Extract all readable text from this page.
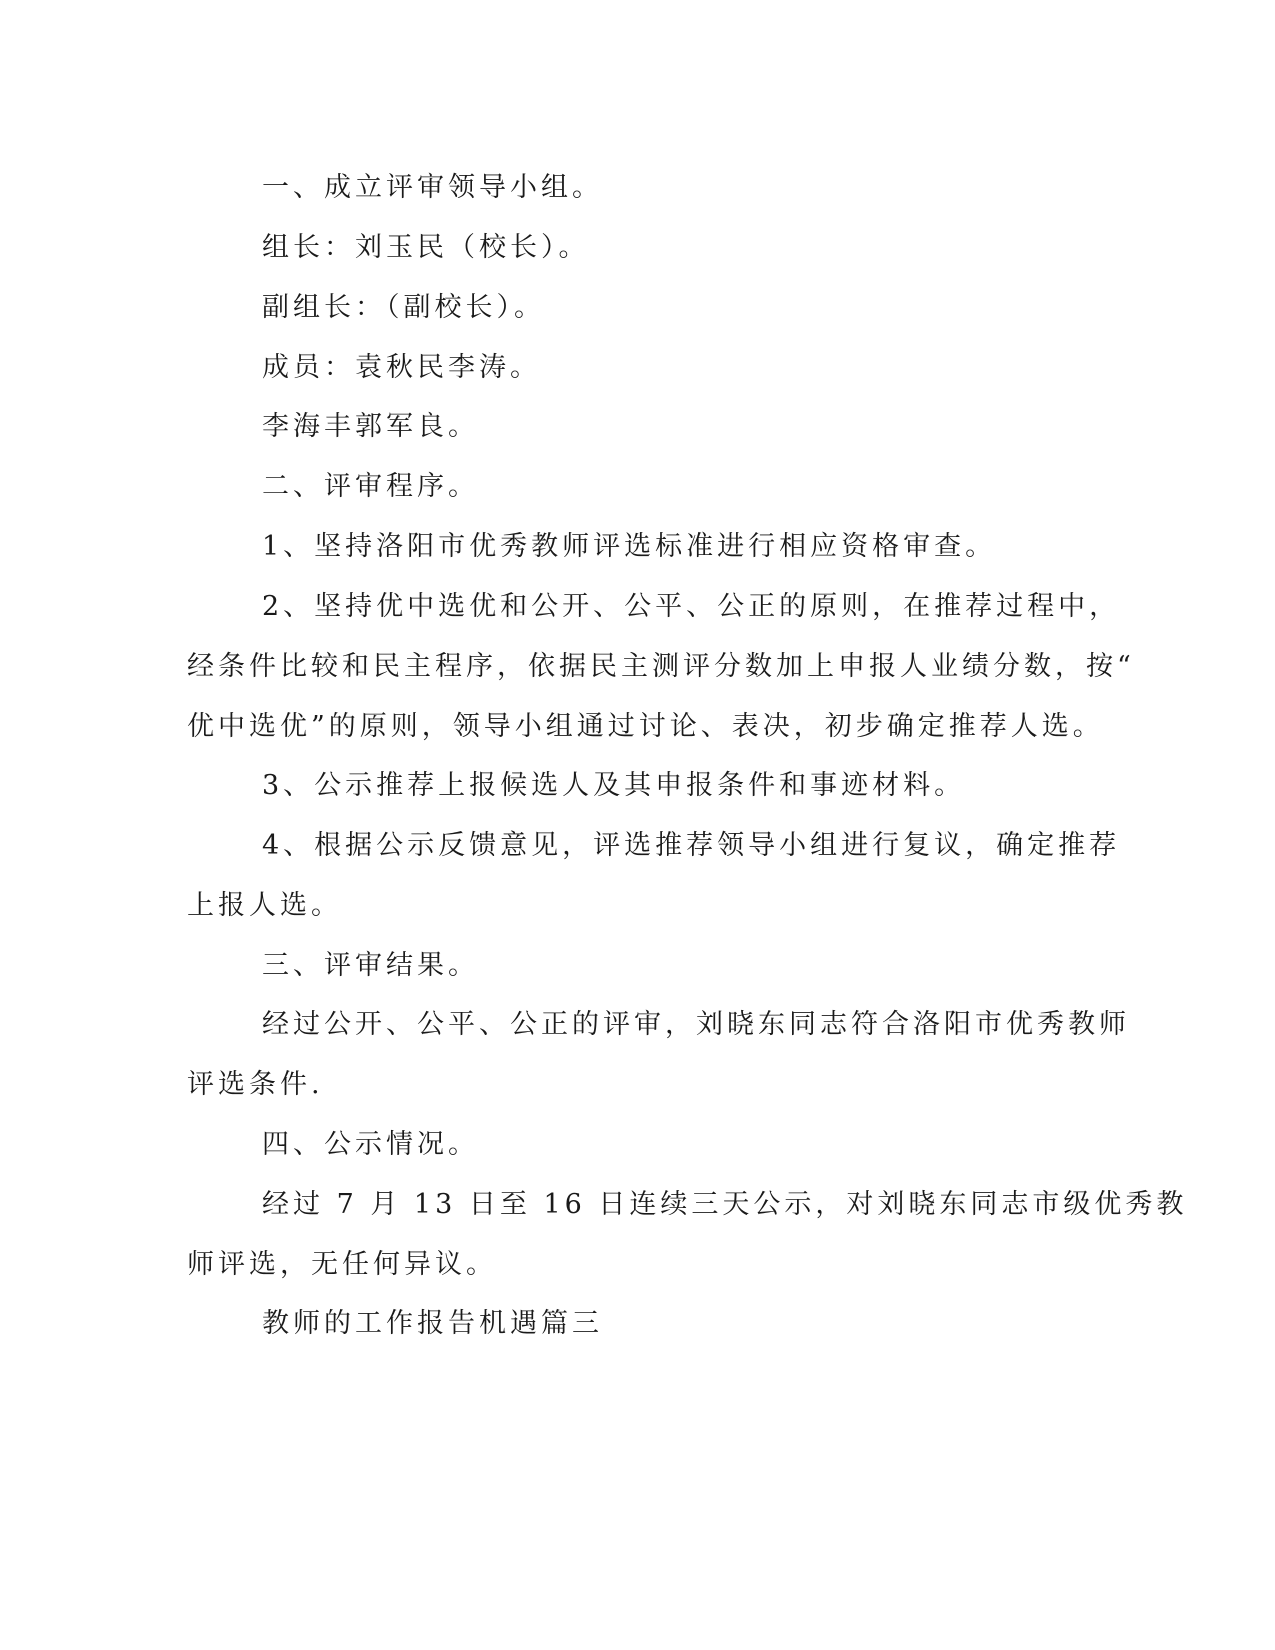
一、成立评审领导小组。
组长：刘玉民（校长）。
副组长：（副校长）。
成员：袁秋民李涛。
李海丰郭军良。
二、评审程序。
1、坚持洛阳市优秀教师评选标准进行相应资格审查。
2、坚持优中选优和公开、公平、公正的原则，在推荐过程中，
经条件比较和民主程序，依据民主测评分数加上申报人业绩分数，按“
优中选优”的原则，领导小组通过讨论、表决，初步确定推荐人选。
3、公示推荐上报候选人及其申报条件和事迹材料。
4、根据公示反馈意见，评选推荐领导小组进行复议，确定推荐
上报人选。
三、评审结果。
经过公开、公平、公正的评审，刘晓东同志符合洛阳市优秀教师
评选条件.
四、公示情况。
经过 7 月 13 日至 16 日连续三天公示，对刘晓东同志市级优秀教
师评选，无任何异议。
教师的工作报告机遇篇三
